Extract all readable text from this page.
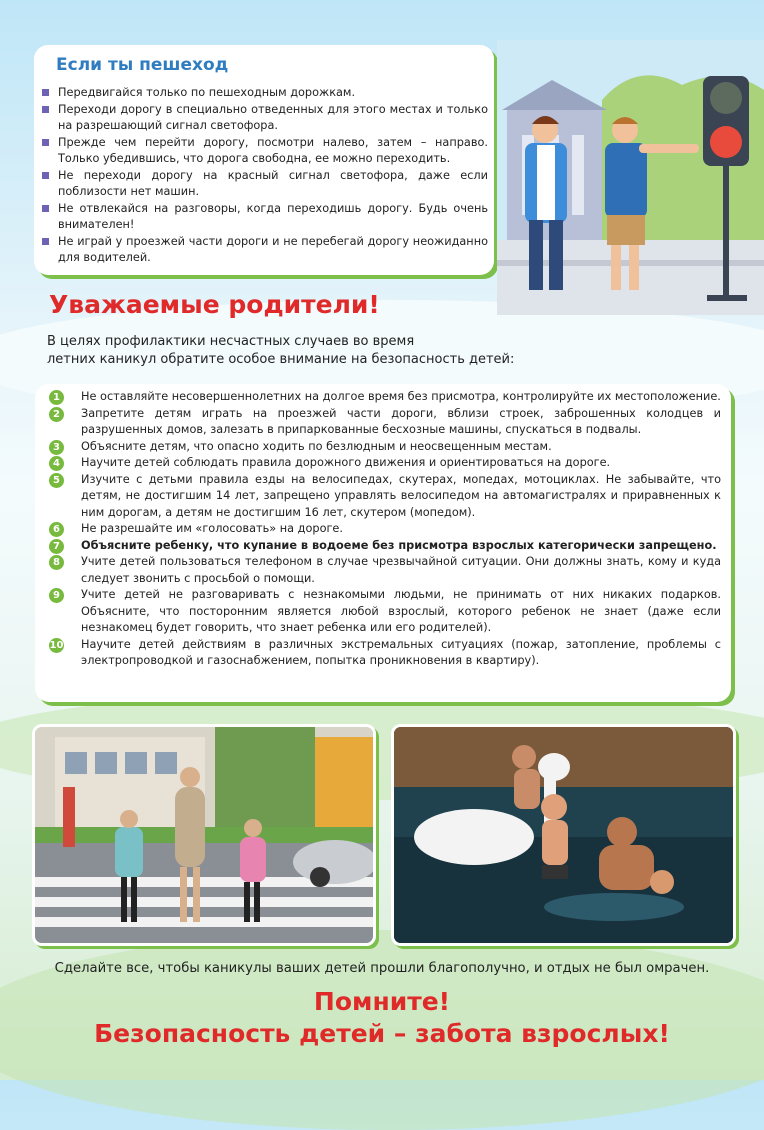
Если ты пешеход
Передвигайся только по пешеходным дорожкам.
Переходи дорогу в специально отведенных для этого местах и только на разрешающий сигнал светофора.
Прежде чем перейти дорогу, посмотри налево, затем – направо. Только убедившись, что дорога свободна, ее можно переходить.
Не переходи дорогу на красный сигнал светофора, даже если поблизости нет машин.
Не отвлекайся на разговоры, когда переходишь дорогу. Будь очень внимателен!
Не играй у проезжей части дороги и не перебегай дорогу неожиданно для водителей.
Уважаемые родители!
В целях профилактики несчастных случаев во время
летних каникул обратите особое внимание на безопасность детей:
1	Не оставляйте несовершеннолетних на долгое время без присмотра, контролируйте их местоположение.
2	Запретите детям играть на проезжей части дороги, вблизи строек, заброшенных колодцев и разрушенных домов, залезать в припаркованные бесхозные машины, спускаться в подвалы.
3	Объясните детям, что опасно ходить по безлюдным и неосвещенным местам.
4	Научите детей соблюдать правила дорожного движения и ориентироваться на дороге.
5	Изучите с детьми правила езды на велосипедах, скутерах, мопедах, мотоциклах. Не забывайте, что детям, не достигшим 14 лет, запрещено управлять велосипедом на автомагистралях и приравненных к ним дорогам, а детям не достигшим 16 лет, скутером (мопедом).
6	Не разрешайте им «голосовать» на дороге.
7	Объясните ребенку, что купание в водоеме без присмотра взрослых категорически запрещено.
8	Учите детей пользоваться телефоном в случае чрезвычайной ситуации. Они должны знать, кому и куда следует звонить с просьбой о помощи.
9	Учите детей не разговаривать с незнакомыми людьми, не принимать от них никаких подарков. Объясните, что посторонним является любой взрослый, которого ребенок не знает (даже если незнакомец будет говорить, что знает ребенка или его родителей).
10 Научите детей действиям в различных экстремальных ситуациях (пожар, затопление, проблемы с электропроводкой и газоснабжением, попытка проникновения в квартиру).
Сделайте все, чтобы каникулы ваших детей прошли благополучно, и отдых не был омрачен.
Помните!
Безопасность детей – забота взрослых!
